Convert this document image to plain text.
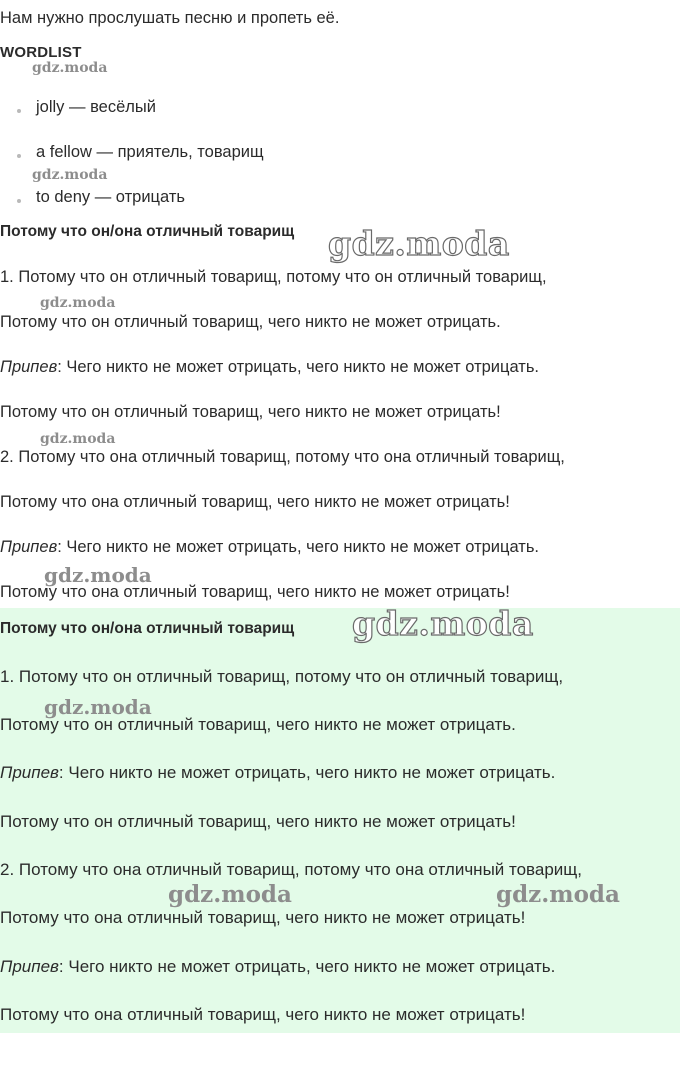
Нам нужно прослушать песню и пропеть её.
WORDLIST
jolly — весёлый
a fellow — приятель, товарищ
to deny — отрицать
Потому что он/она отличный товарищ
1. Потому что он отличный товарищ, потому что он отличный товарищ,
Потому что он отличный товарищ, чего никто не может отрицать.
Припев: Чего никто не может отрицать, чего никто не может отрицать.
Потому что он отличный товарищ, чего никто не может отрицать!
2. Потому что она отличный товарищ, потому что она отличный товарищ,
Потому что она отличный товарищ, чего никто не может отрицать!
Припев: Чего никто не может отрицать, чего никто не может отрицать.
Потому что она отличный товарищ, чего никто не может отрицать!
Потому что он/она отличный товарищ
1. Потому что он отличный товарищ, потому что он отличный товарищ,
Потому что он отличный товарищ, чего никто не может отрицать.
Припев: Чего никто не может отрицать, чего никто не может отрицать.
Потому что он отличный товарищ, чего никто не может отрицать!
2. Потому что она отличный товарищ, потому что она отличный товарищ,
Потому что она отличный товарищ, чего никто не может отрицать!
Припев: Чего никто не может отрицать, чего никто не может отрицать.
Потому что она отличный товарищ, чего никто не может отрицать!
gdz.moda
gdz.moda
gdz.moda
gdz.moda
gdz.moda
gdz.moda
gdz.moda
gdz.moda
gdz.moda	gdz.moda
